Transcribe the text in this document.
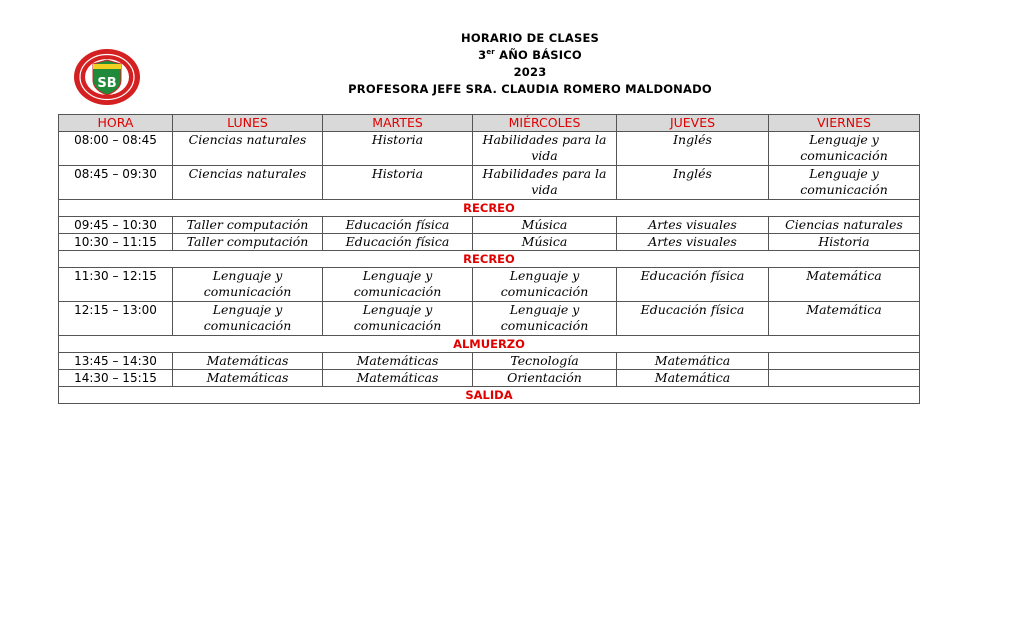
SB
HORARIO DE CLASES
3er AÑO BÁSICO
2023
PROFESORA JEFE SRA. CLAUDIA ROMERO MALDONADO
HORA	LUNES	MARTES	MIÉRCOLES	JUEVES	VIERNES
08:00 – 08:45	Ciencias naturales	Historia	Habilidades para la vida	Inglés	Lenguaje y comunicación
08:45 – 09:30	Ciencias naturales	Historia	Habilidades para la vida	Inglés	Lenguaje y comunicación
RECREO					
09:45 – 10:30	Taller computación	Educación física	Música	Artes visuales	Ciencias naturales
10:30 – 11:15	Taller computación	Educación física	Música	Artes visuales	Historia
RECREO					
11:30 – 12:15	Lenguaje y comunicación	Lenguaje y comunicación	Lenguaje y comunicación	Educación física	Matemática
12:15 – 13:00	Lenguaje y comunicación	Lenguaje y comunicación	Lenguaje y comunicación	Educación física	Matemática
ALMUERZO					
13:45 – 14:30	Matemáticas	Matemáticas	Tecnología	Matemática	
14:30 – 15:15	Matemáticas	Matemáticas	Orientación	Matemática	
SALIDA					
